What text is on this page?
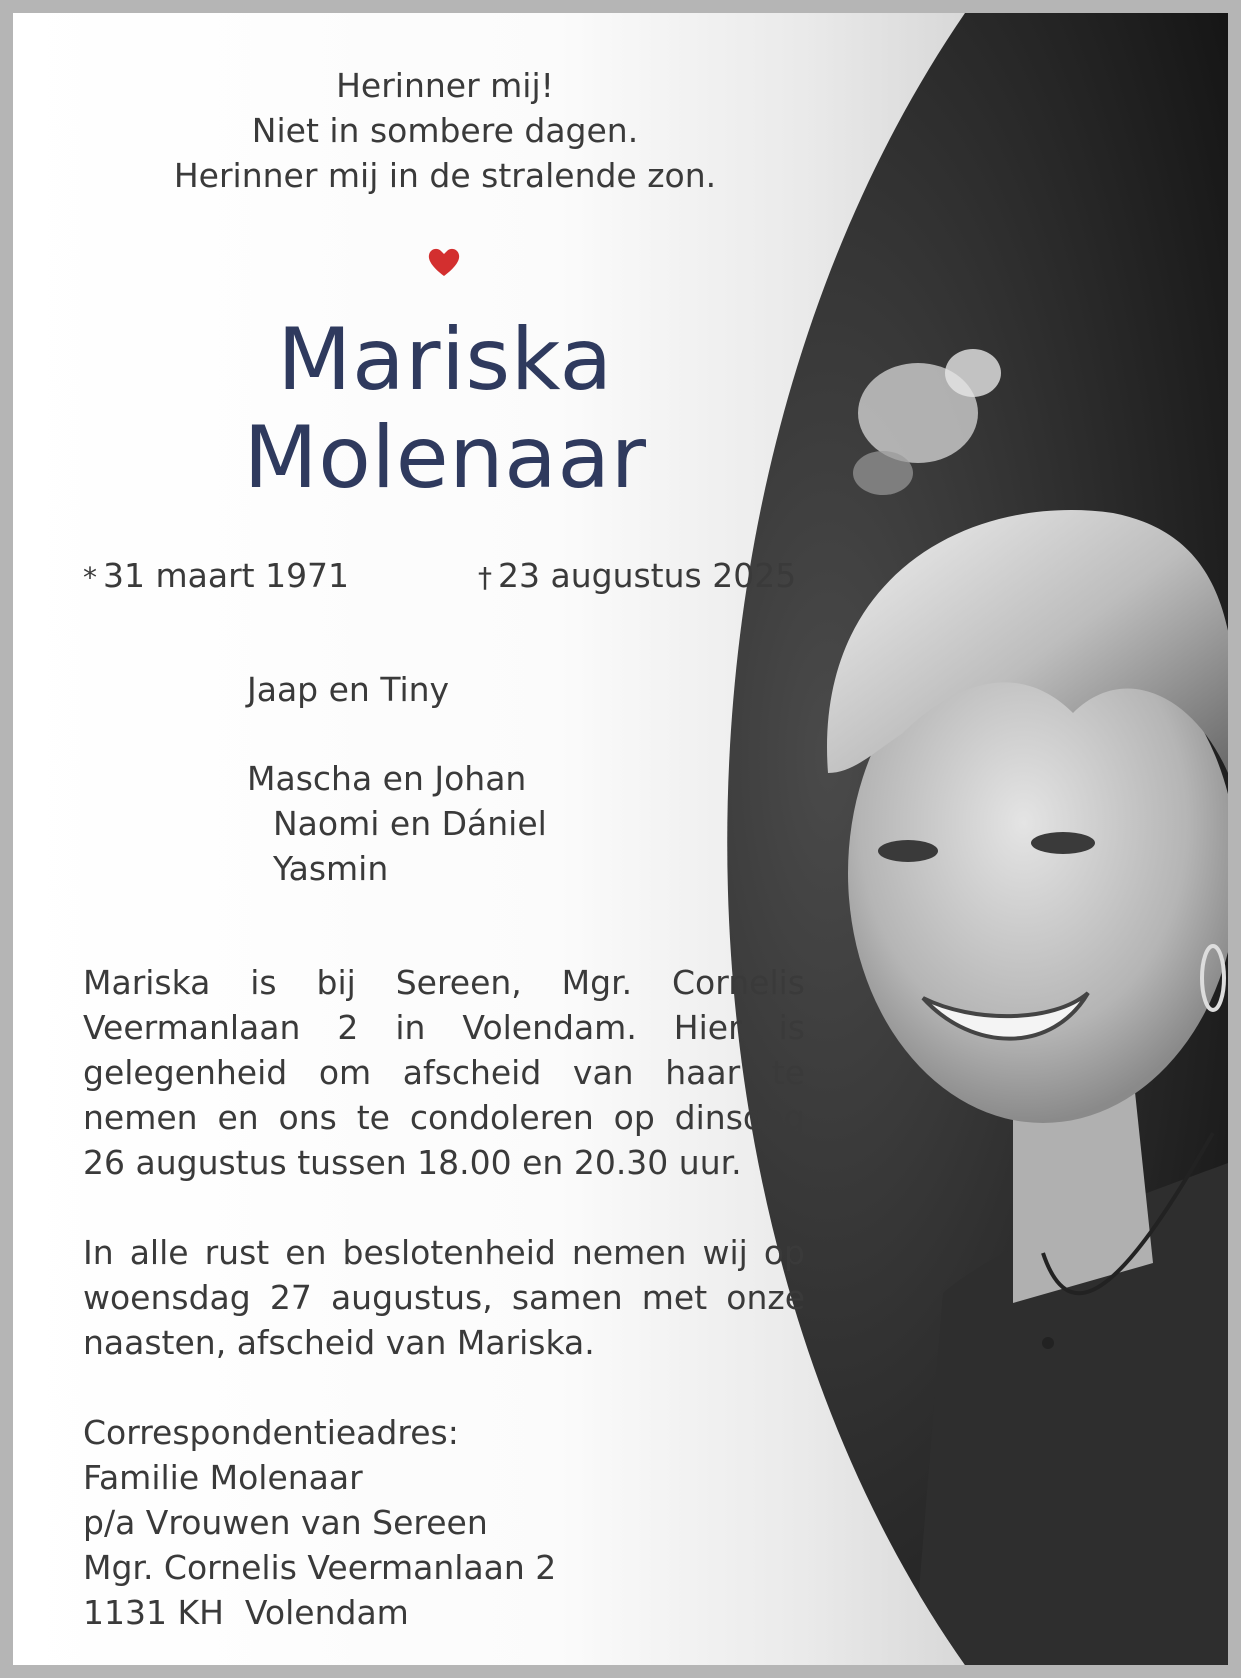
Herinner mij!
Niet in sombere dagen.
Herinner mij in de stralende zon.
Mariska
Molenaar
* 31 maart 1971	† 23 augustus 2025
Jaap en Tiny
Mascha en Johan
Naomi en Dániel
Yasmin
Mariska is bij Sereen, Mgr. Cornelis
Veermanlaan 2 in Volendam. Hier is
gelegenheid om afscheid van haar te
nemen en ons te condoleren op dinsdag
26 augustus tussen 18.00 en 20.30 uur.
In alle rust en beslotenheid nemen wij op
woensdag 27 augustus, samen met onze
naasten, afscheid van Mariska.
Correspondentieadres:
Familie Molenaar
p/a Vrouwen van Sereen
Mgr. Cornelis Veermanlaan 2
1131 KH  Volendam
